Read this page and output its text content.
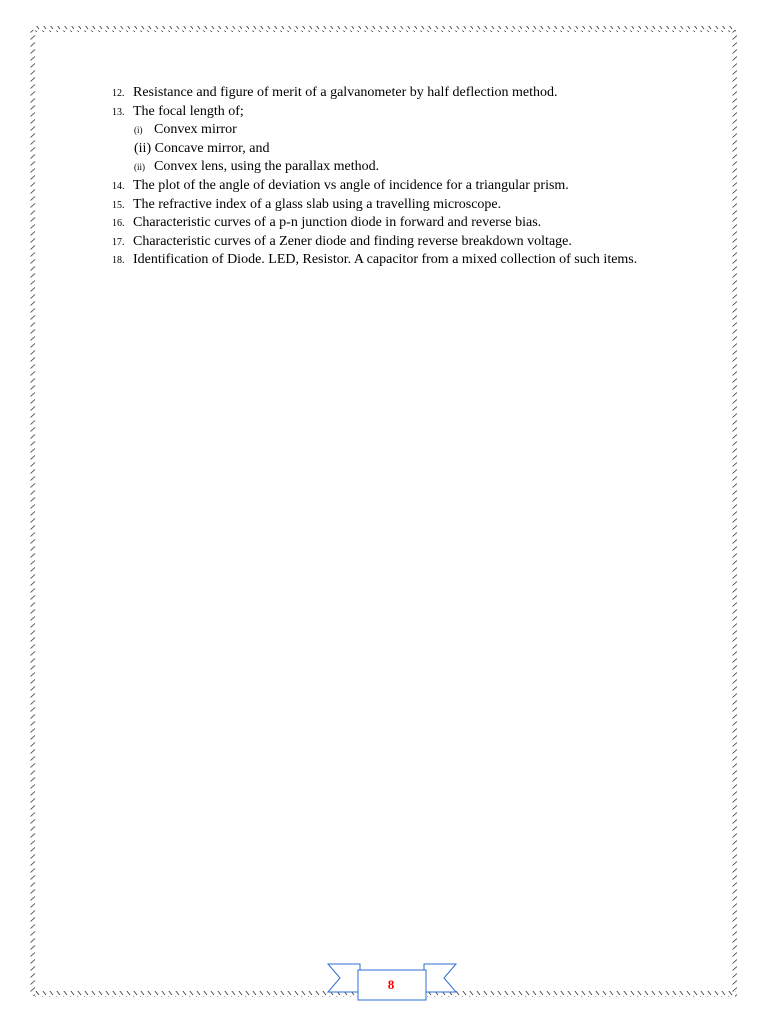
12. Resistance and figure of merit of a galvanometer by half deflection method.
13. The focal length of;
(i) Convex mirror
(ii) Concave mirror, and
(ii) Convex lens, using the parallax method.
14. The plot of the angle of deviation vs angle of incidence for a triangular prism.
15. The refractive index of a glass slab using a travelling microscope.
16. Characteristic curves of a p-n junction diode in forward and reverse bias.
17. Characteristic curves of a Zener diode and finding reverse breakdown voltage.
18. Identification of Diode. LED, Resistor. A capacitor from a mixed collection of such items.
8
